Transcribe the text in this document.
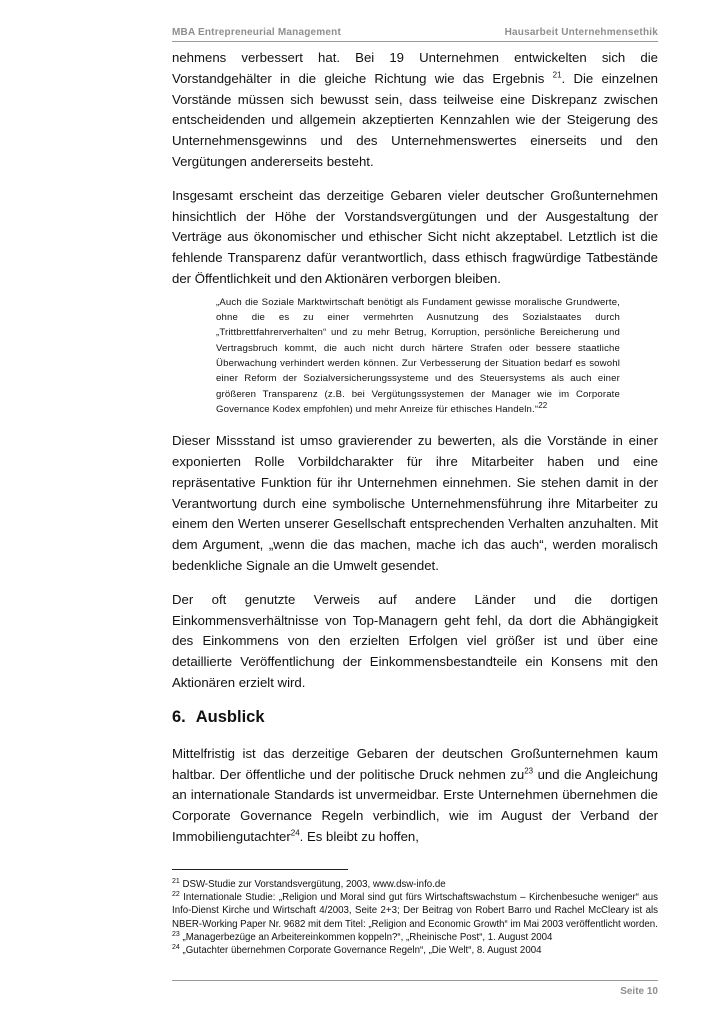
MBA Entrepreneurial Management	Hausarbeit Unternehmensethik

nehmens verbessert hat. Bei 19 Unternehmen entwickelten sich die Vorstandgehälter in die gleiche Richtung wie das Ergebnis $^{21}$. Die einzelnen Vorstände müssen sich bewusst sein, dass teilweise eine Diskrepanz zwischen entscheidenden und allgemein akzeptierten Kennzahlen wie der Steigerung des Unternehmensgewinns und des Unternehmenswertes einerseits und den Vergütungen andererseits besteht.

Insgesamt erscheint das derzeitige Gebaren vieler deutscher Großunternehmen hinsichtlich der Höhe der Vorstandsvergütungen und der Ausgestaltung der Verträge aus ökonomischer und ethischer Sicht nicht akzeptabel. Letztlich ist die fehlende Transparenz dafür verantwortlich, dass ethisch fragwürdige Tatbestände der Öffentlichkeit und den Aktionären verborgen bleiben.

„Auch die Soziale Marktwirtschaft benötigt als Fundament gewisse moralische Grundwerte, ohne die es zu einer vermehrten Ausnutzung des Sozialstaates durch „Trittbrettfahrerverhalten“ und zu mehr Betrug, Korruption, persönliche Bereicherung und Vertragsbruch kommt, die auch nicht durch härtere Strafen oder bessere staatliche Überwachung verhindert werden können. Zur Verbesserung der Situation bedarf es sowohl einer Reform der Sozialversicherungssysteme und des Steuersystems als auch einer größeren Transparenz (z.B. bei Vergütungssystemen der Manager wie im Corporate Governance Kodex empfohlen) und mehr Anreize für ethisches Handeln.“$^{22}$

Dieser Missstand ist umso gravierender zu bewerten, als die Vorstände in einer exponierten Rolle Vorbildcharakter für ihre Mitarbeiter haben und eine repräsentative Funktion für ihr Unternehmen einnehmen. Sie stehen damit in der Verantwortung durch eine symbolische Unternehmensführung ihre Mitarbeiter zu einem den Werten unserer Gesellschaft entsprechenden Verhalten anzuhalten. Mit dem Argument, „wenn die das machen, mache ich das auch“, werden moralisch bedenkliche Signale an die Umwelt gesendet.

Der oft genutzte Verweis auf andere Länder und die dortigen Einkommensverhältnisse von Top-Managern geht fehl, da dort die Abhängigkeit des Einkommens von den erzielten Erfolgen viel größer ist und über eine detaillierte Veröffentlichung der Einkommensbestandteile ein Konsens mit den Aktionären erzielt wird.

6. Ausblick

Mittelfristig ist das derzeitige Gebaren der deutschen Großunternehmen kaum haltbar. Der öffentliche und der politische Druck nehmen $zu^{23}$ und die Angleichung an internationale Standards ist unvermeidbar. Erste Unternehmen übernehmen die Corporate Governance Regeln verbindlich, wie im August der Verband der Immobiliengutachter$^{24}$. Es bleibt zu hoffen,

$^{21}$ DSW-Studie zur Vorstandsvergütung, 2003, www.dsw-info.de

$^{22}$ Internationale Studie: „Religion und Moral sind gut fürs Wirtschaftswachstum – Kirchenbesuche weniger“ aus Info-Dienst Kirche und Wirtschaft 4/2003, Seite 2+3; Der Beitrag von Robert Barro und Rachel McCleary ist als NBER-Working Paper Nr. 9682 mit dem Titel: „Religion and Economic Growth“ im Mai 2003 veröffentlicht worden.

$^{23}$ „Managerbezüge an Arbeitereinkommen koppeln?“, „Rheinische Post“, 1. August 2004

$^{24}$ „Gutachter übernehmen Corporate Governance Regeln“, „Die Welt“, 8. August 2004

Seite 10
